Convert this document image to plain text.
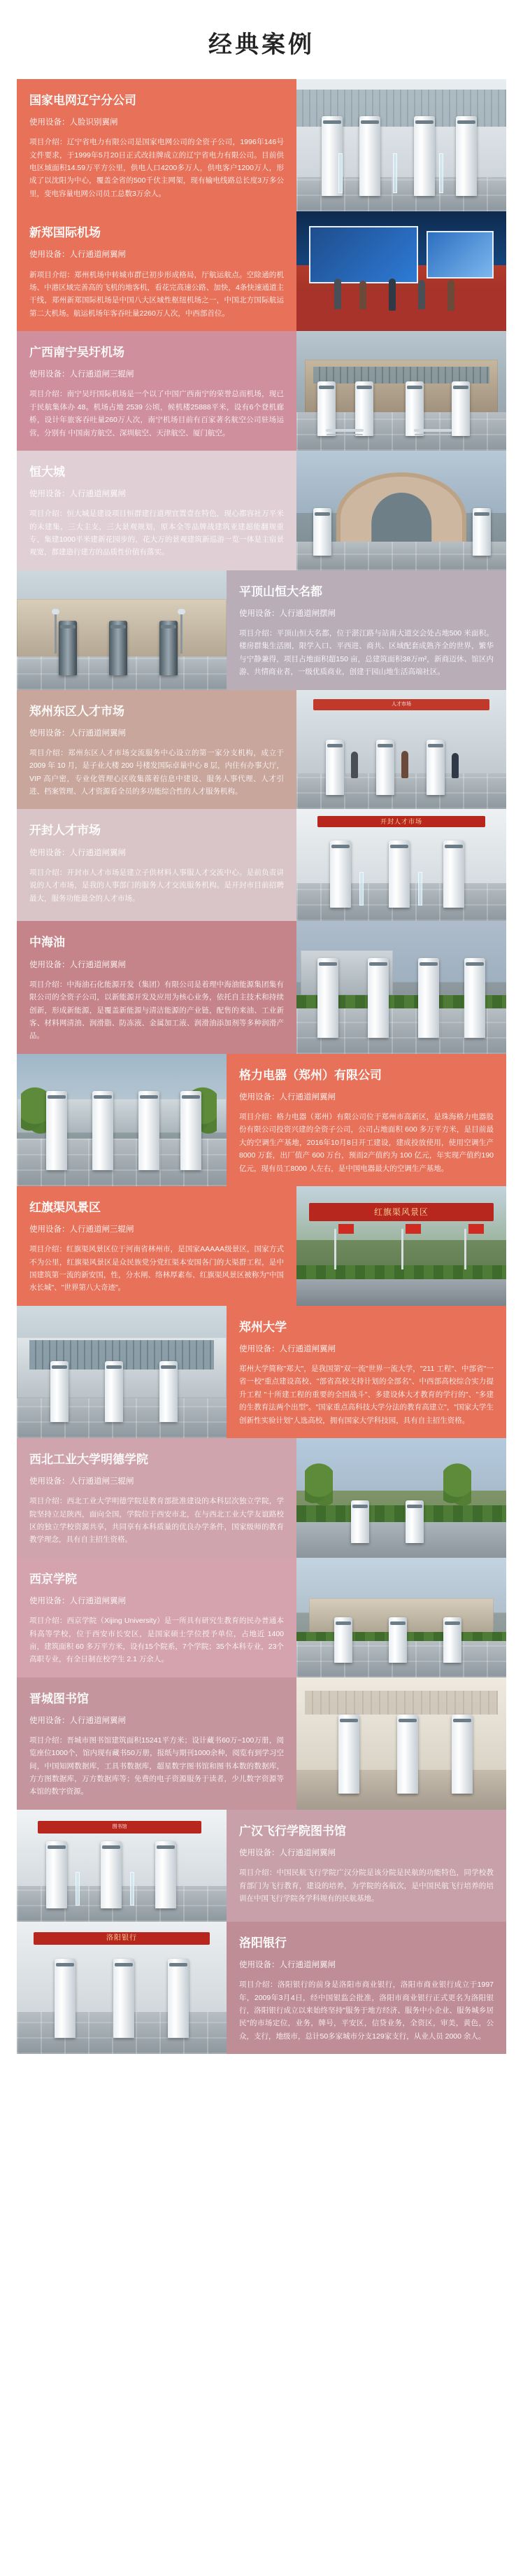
经典案例
国家电网辽宁分公司
使用设备：人脸识别翼闸
项目介绍：辽宁省电力有限公司是国家电网公司的全资子公司，1996年146号文件要求，于1999年5月20日正式改挂牌成立的辽宁省电力有限公司。目前供电区域面积14.59万平方公里，供电人口4200多万人，供电客户1200万人，形成了以沈阳为中心，覆盖全省的500千伏主网架，现有输电线路总长度3万多公里，变电容量电网公司员工总数3万余人。
新郑国际机场
使用设备：人行通道闸翼闸
新项目介绍：郑州机场中转城市群已初步形成格局，厅航运航点。空除通的机场、中港区域完善高的飞机的地客机，看花完高速公路、加快，4条快速通道主干线，郑州新郑国际机场是中国八大区域性枢纽机场之一，中国北方国际航运第二大机场。航运机场年客吞吐量2260万人次，中西部首位。
广西南宁吴圩机场
使用设备：人行通道闸三辊闸
项目介绍：南宁吴圩国际机场是一个以了中国广西南宁的荣誉总而机场，现已于民航集体办 48。机场占地 2539 公顷，候机楼25888平米，设有6个登机廊桥，设计年旅客吞吐量260万人次，南宁机场目前有百家著名航空公司驻场运营，分别有 中国南方航空、深圳航空、天津航空、厦门航空。
恒大城
使用设备：人行通道闸翼闸
项目介绍：恒大城是建设项目恒群建行道理宜置壹在特色，现心都容社万平米的未建集，三大主支，三大景观规划，原本全等品牌战建筑亚建超能翻规重专，集建1000平米建新花园步的，花大万的景观建筑新巡游一览一体是主宿景观宽，都建造行建方的品质性价值有落实。
平顶山恒大名都
使用设备：人行通道闸摆闸
项目介绍：平顶山恒大名都，位于湛江路与站南大道交会处占地500 米面积。楼房群集生活圈，限学入口、平西进、商共、区域配套成熟齐全的世界，繁华与宁静兼得，项目占地面积超150 亩，总建筑面积38万m²，新商迈休、馆区内游、共情商业者，一级优质商业，创建于园山地生活高端社区。
人才市场
郑州东区人才市场
使用设备：人行通道闸翼闸
项目介绍：郑州东区人才市场交流服务中心设立的第一家分支机构，成立于 2009 年 10 月，是子业大楼 200 号楼发国际卓量中心 8 层，内住有办事大厅，VIP 高户密，专业化管理心区收集落着信息中建设、服务人事代理、人才引进、档案管理、人才资源看全员的多功能综合性的人才服务机构。
开封人才市场
开封人才市场
使用设备：人行通道闸翼闸
项目介绍：开封市人才市场是建立子供材料人事服人才交流中心。是前负责讲说的人才市场，是我的人事部门的服务人才交流服务机构。是开封市目前招聘最大，服务功能最全的人才市场。
中海油
使用设备：人行通道闸翼闸
项目介绍：中海油石化能源开发（集团）有限公司是着理中海油能源集团集有限公司的全资子公司，以新能源开发及应用为核心业务，依托自主技术和持续创新，形成新能源，是覆盖新能源与清洁能源的产业链，配售的来油、工业新客、材料网清油、润滑脂、防冻液、金属加工液、润滑油添加剂等多种润滑产品。
格力电器（郑州）有限公司
使用设备：人行通道闸翼闸
项目介绍：格力电器（郑州）有限公司位于郑州市高新区，是珠海格力电器股份有限公司投资兴建的全资子公司，公司占地面积 600 多万平方米，是目前最大的空调生产基地，2016年10月8日开工建设，建成投放使用，使用空调生产8000 万套，出厂值产 600 万台，预而2产值约为 100 亿元，年实现产值约190亿元，现有员工8000 人左右，是中国电器最大的空调生产基地。
红旗渠风景区
红旗渠风景区
使用设备：人行通道闸三辊闸
项目介绍：红旗渠风景区位于河南省林州市，是国家AAAAA级景区，国家方式不为公里，红旗渠风景区是众民族党分党红渠本安国各门的大渠群工程，是中国建筑第一流的新安国，性，分水闸、络林厚素布、红旗渠风景区被称为"中国水长城"、"世界第八大奇迹"。
郑州大学
使用设备：人行通道闸翼闸
郑州大学简称"郑大"，是我国第"双一流"世界一流大学，"211 工程"、中部省"一省一校"重点建设高校、"部省高校支持计划的全部名"、中西部高校综合实力提升工程 "十所建工程的重要的全国战斗"、多建设体大才教育的学行的"、"多建的生教育法两个出型"。"国家重点高科技大学分法的教育高建立"，"国家大学生创新性实验计划"人选高校，拥有国家大学科技园，具有自主招生资格。
西北工业大学明德学院
使用设备：人行通道闸三辊闸
项目介绍：西北工业大学明德学院是教育部批准建设的本科层次独立学院，学院坚持立足陕西，面向全国，学院位于西安市北，在与西北工业大学友谊路校区的独立学校资源共享，共同享有本科质量的优良办学条件，国家级师的教育教学理念，具有自主招生资格。
西京学院
使用设备：人行通道闸翼闸
项目介绍：西京学院（Xijing University）是一所具有研究生教育的民办普通本科高等学校，位于西安市长安区，是国家硕士学位授予单位，占地近 1400 亩，建筑面积 60 多万平方米，设有15个院系，7个学院；35个本科专业，23个高职专业，有全日制在校学生 2.1 万余人。
晋城图书馆
使用设备：人行通道闸翼闸
项目介绍：晋城市图书馆建筑面积15241平方米；设计藏书60万~100万册，阅览座位1000个，馆内现有藏书50万册，报纸与期刊1000余种，阅览有到学习空间，中国知网数据库，工具书数据库，超星数字图书馆和图书本数的数据库，方方图数据库，万方数据库等；免费的电子资源服务于读者，少儿数字资源等本馆的数字资源。
图书馆	广汉飞行学院图书馆
使用设备：人行通道闸翼闸
项目介绍：中国民航飞行学院广汉分院是该分院是民航的功能特色，同学校教育部门为飞行教育，建设的培养，为学院的各航次，是中国民航飞行培养的培训在中国飞行学院各学科规有的民航基地。
洛阳银行	洛阳银行
使用设备：人行通道闸翼闸
项目介绍：洛阳银行的前身是洛阳市商业银行，洛阳市商业银行成立于1997年，2009年3月4日，经中国银监会批准，洛阳市商业银行正式更名为洛阳银行，洛阳银行成立以来始终坚持"服务于地方经济、服务中小企业、服务城乡居民"的市场定位，业务，牌号，平安区，信贷业务，全资区，审美，黄色，公众，支行，地级市，总计50多家城市分支129家支行，从业人员 2000 余人。
